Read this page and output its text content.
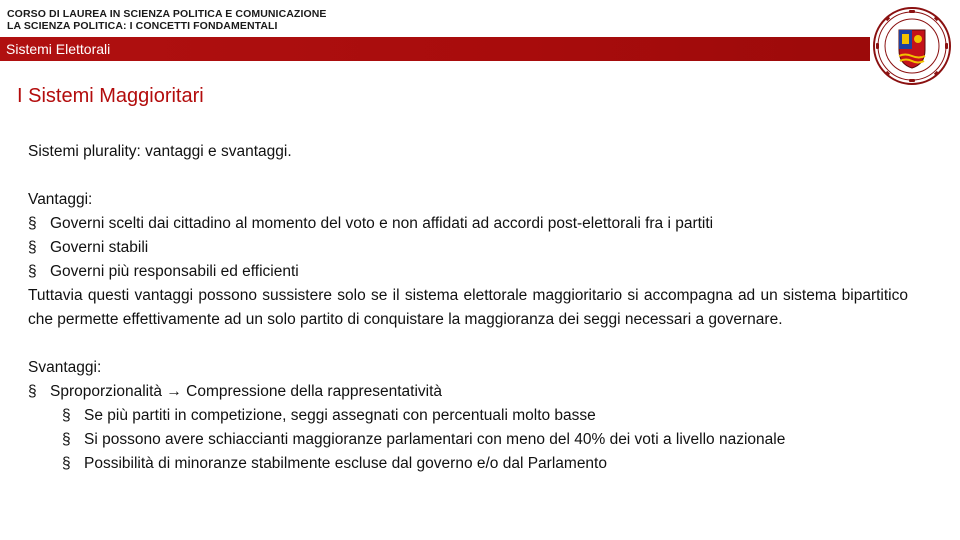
CORSO DI LAUREA IN SCIENZA POLITICA E COMUNICAZIONE
LA SCIENZA POLITICA: I CONCETTI FONDAMENTALI
Sistemi Elettorali
I Sistemi Maggioritari

Sistemi plurality: vantaggi e svantaggi.

Vantaggi:

§ Governi scelti dai cittadino al momento del voto e non affidati ad accordi post-elettorali fra i partiti
§ Governi stabili
§ Governi più responsabili ed efficienti

Tuttavia questi vantaggi possono sussistere solo se il sistema elettorale maggioritario si accompagna ad un sistema bipartitico che permette effettivamente ad un solo partito di conquistare la maggioranza dei seggi necessari a governare.

Svantaggi:

§ Sproporzionalità → Compressione della rappresentatività
§ Se più partiti in competizione, seggi assegnati con percentuali molto basse
§ Si possono avere schiaccianti maggioranze parlamentari con meno del 40% dei voti a livello nazionale
§ Possibilità di minoranze stabilmente escluse dal governo e/o dal Parlamento
